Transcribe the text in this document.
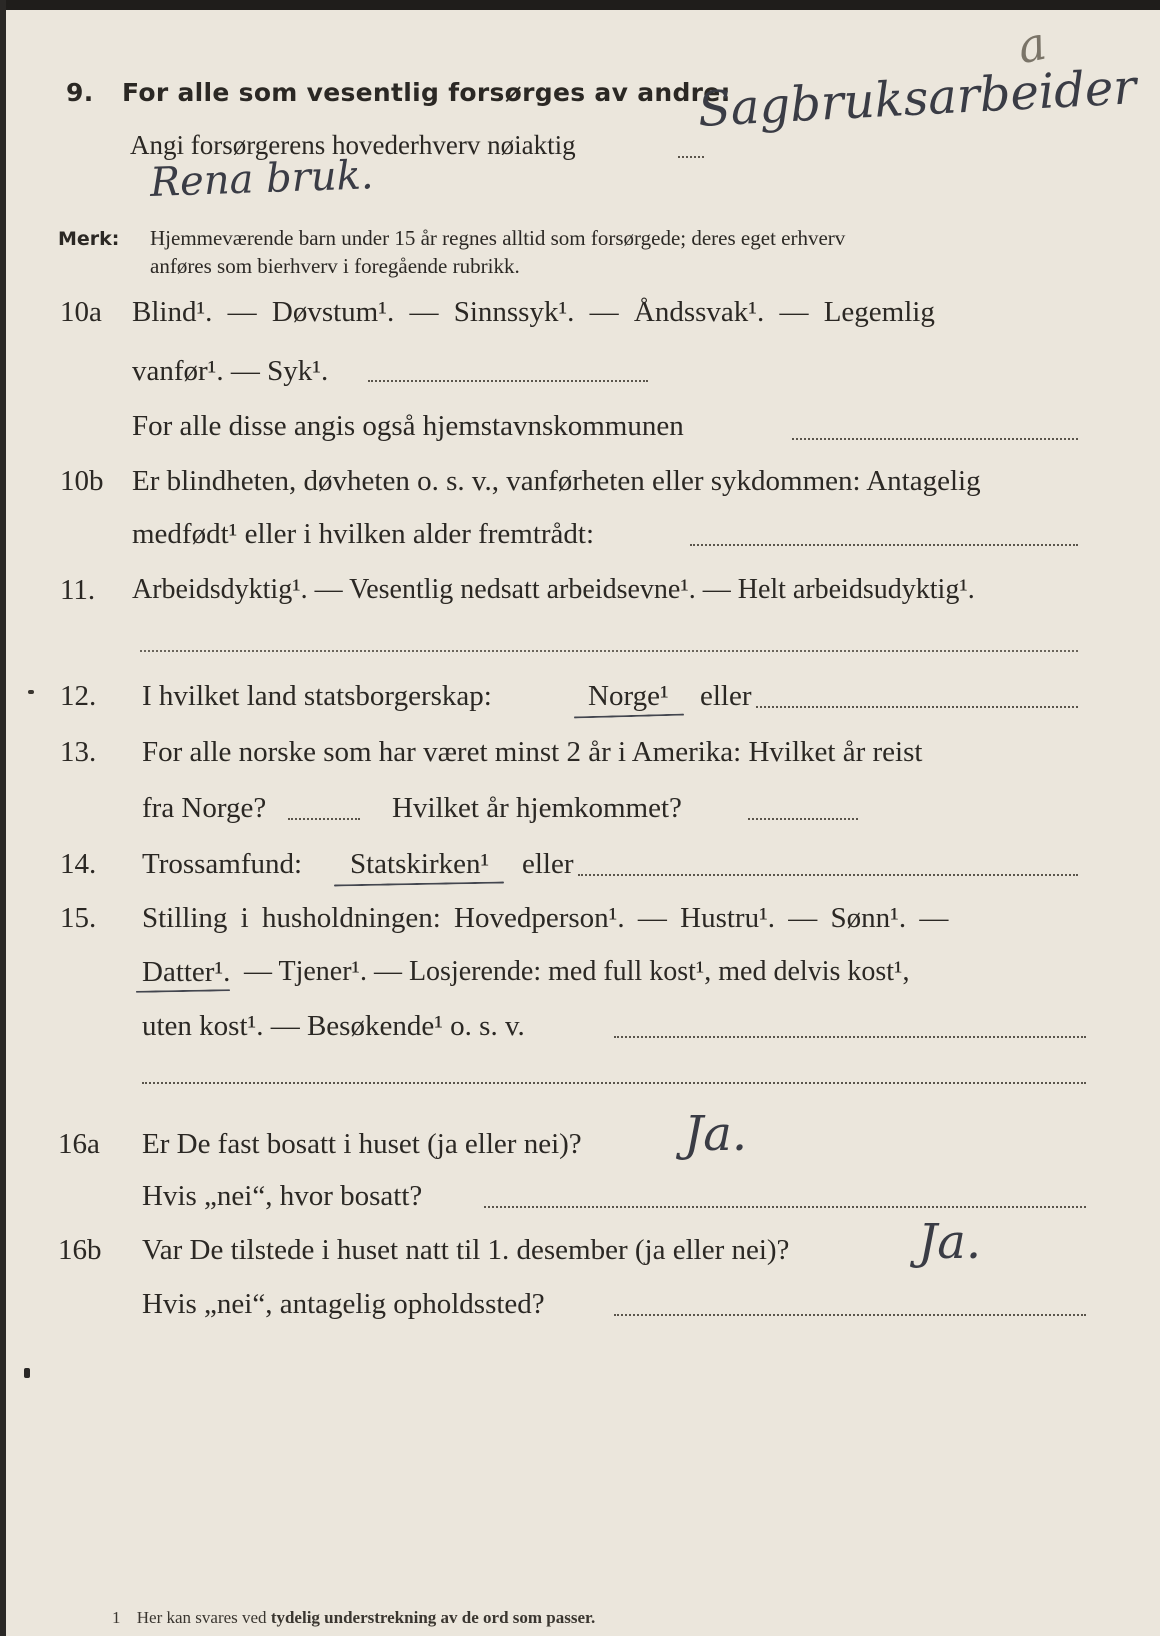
a
9. For alle som vesentlig forsørges av andre:
Angi forsørgerens hovederhverv nøiaktig
Sagbruksarbeider
Rena bruk.
Merk: Hjemmeværende barn under 15 år regnes alltid som forsørgede; deres eget erhverv
anføres som bierhverv i foregående rubrikk.
10a Blind¹. — Døvstum¹. — Sinnssyk¹. — Åndssvak¹. — Legemlig
vanfør¹. — Syk¹.
For alle disse angis også hjemstavnskommunen
10b Er blindheten, døvheten o. s. v., vanførheten eller sykdommen: Antagelig
medfødt¹ eller i hvilken alder fremtrådt:
11. Arbeidsdyktig¹. — Vesentlig nedsatt arbeidsevne¹. — Helt arbeidsudyktig¹.
12. I hvilket land statsborgerskap:	Norge¹ eller
13. For alle norske som har været minst 2 år i Amerika: Hvilket år reist
fra Norge?	Hvilket år hjemkommet?
14. Trossamfund: Statskirken¹ eller
15. Stilling i husholdningen: Hovedperson¹. — Hustru¹. — Sønn¹. —
Datter¹. — Tjener¹. — Losjerende: med full kost¹, med delvis kost¹,
uten kost¹. — Besøkende¹ o. s. v.
16a Er De fast bosatt i huset (ja eller nei)? Ja.
Hvis „nei“, hvor bosatt?
16b Var De tilstede i huset natt til 1. desember (ja eller nei)?	Ja.
Hvis „nei“, antagelig opholdssted?
1 Her kan svares ved tydelig understrekning av de ord som passer.
